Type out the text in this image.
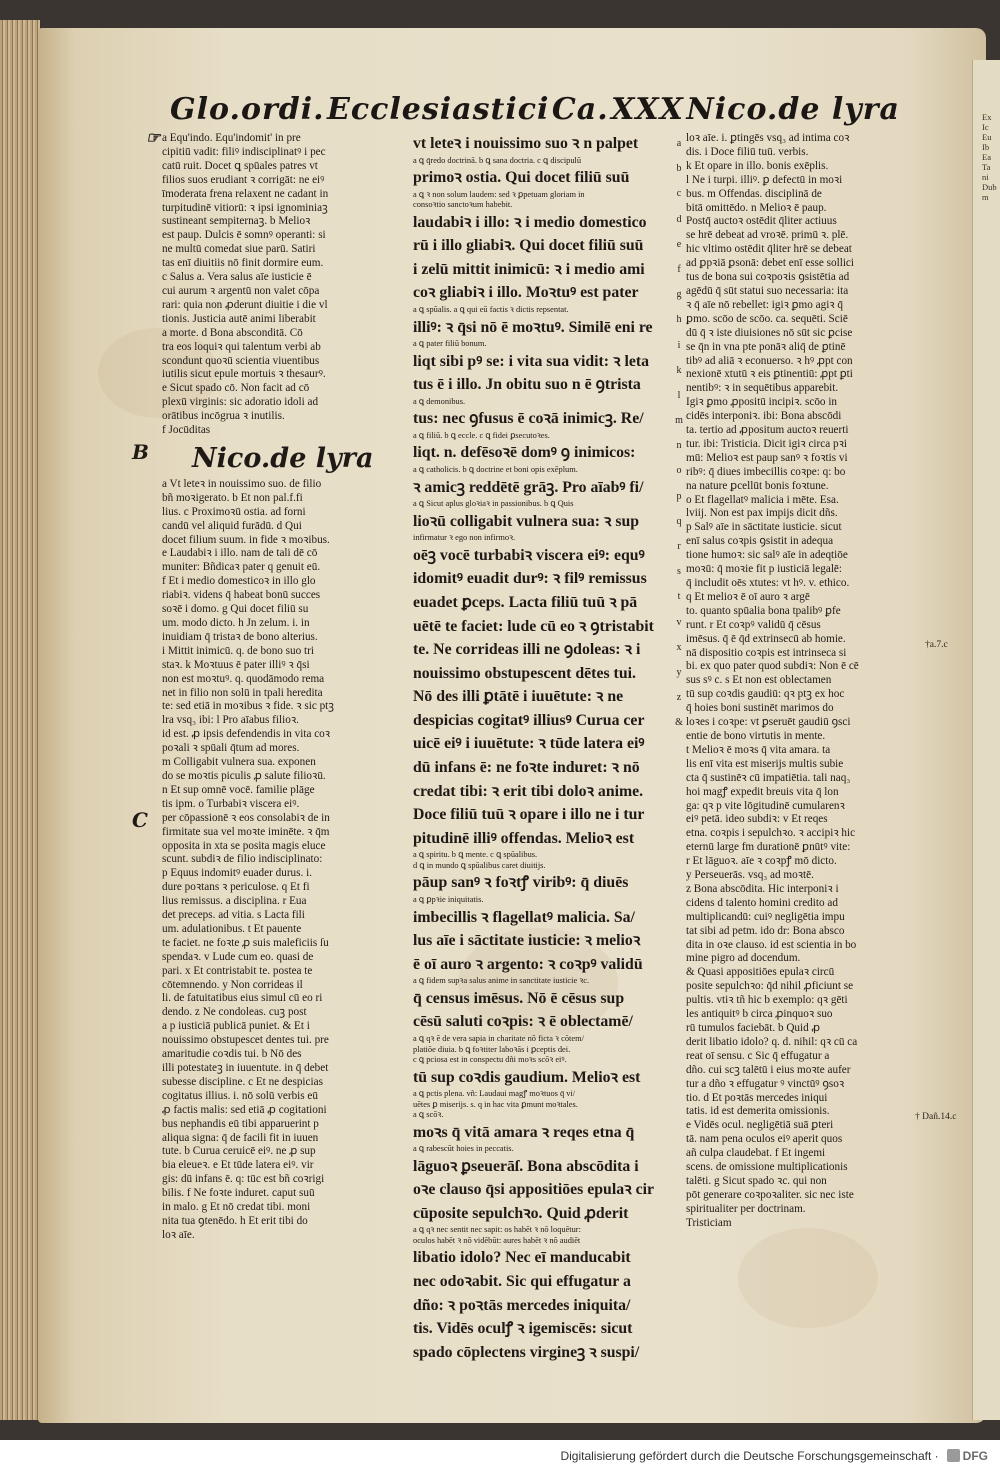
Ex
Ic
Eu
Ib
Ea
Ta
ni
Dub
m
Glo.ordi. Ecclesiastici Ca. XXX Nico.de lyra
☞
B
C
†a.7.c
† Dañ.14.c

a Equ'indo. Equ'indomit' in pre
cipitiū vadit: filiꝰ indisciplinatꝰ i pec
catū ruit. Docet ꝗ spūales patres vt
filios suos erudiant ꝛ corrigāt: ne eiꝰ
īmoderata frena relaxent ne cadant in
turpitudinē vitiorū: ꝛ ipsi ignominiaꝫ
sustineant sempiternaꝫ. b Melioꝛ
est paup. Dulcis ē somnꝰ operanti: si
ne multū comedat siue parū. Satiri
tas enī diuitiis nō finit dormire eum.
c Salus a. Vera salus aīe iusticie ē
cui aurum ꝛ argentū non valet cōpa
rari: quia non ꝓderunt diuitie i die vl
tionis. Justicia autē animi liberabit
a morte. d Bona absconditā. Cō
tra eos loquiꝛ qui talentum verbi ab
scondunt quoꝛū scientia viuentibus
iutilis sicut epule mortuis ꝛ thesaurꝰ.
e Sicut spado cō. Non facit ad cō
plexū virginis: sic adoratio idoli ad
orātibus incōgrua ꝛ inutilis.
f Jocūditas

Nico.de lyra

a Vt leteꝛ in nouissimo suo. de filio
bñ moꝛigerato. b Et non pal.f.fi
lius. c Proximoꝛū ostia. ad forni
candū vel aliquid furādū. d Qui
docet filium suum. in fide ꝛ moꝛibus.
e Laudabiꝛ i illo. nam de tali dē cō
muniter: Bñdicaꝛ pater q genuit eū.
f Et i medio domesticoꝛ in illo glo
riabiꝛ. videns q̄ habeat bonū succes
soꝛē i domo. g Qui docet filiū su
um. modo dicto. h Jn zelum. i. in
inuidiam q̄ tristaꝛ de bono alterius.
i Mittit inimicū. q. de bono suo tri
staꝛ. k Moꝛtuus ē pater illiꝰ ꝛ q̄si
non est moꝛtuꝰ. q. quodāmodo rema
net in filio non solū in tpali heredita
te: sed etiā in moꝛibus ꝛ fide. ꝛ sic ptꝫ
lra vsq₃ ibi: l Pro aīabus filioꝛ.
id est. ꝓ ipsis defendendis in vita coꝛ
poꝛali ꝛ spūali q̄tum ad mores.
m Colligabit vulnera sua. exponen
do se moꝛtis piculis ꝓ salute filioꝛū.
n Et sup omnē vocē. familie plāge
tis ipm. o Turbabiꝛ viscera eiꝰ.
per cōpassionē ꝛ eos consolabiꝛ de in
firmitate sua vel moꝛte iminēte. ꝛ q̄m
opposita in xta se posita magis eluce
scunt. subdiꝛ de filio indisciplinato:
p Equus indomitꝰ euader durus. i.
dure poꝛtans ꝛ periculose. q Et fi
lius remissus. a disciplina. r Eua
det preceps. ad vitia. s Lacta fili
um. adulationibus. t Et pauente
te faciet. ne foꝛte ꝓ suis maleficiis ſu
spendaꝛ. v Lude cum eo. quasi de
pari. x Et contristabit te. postea te
cōtemnendo. y Non corrideas il
li. de fatuitatibus eius simul cū eo ri
dendo. z Ne condoleas. cuꝫ post
a p iusticiā publicā puniet. & Et i
nouissimo obstupescet dentes tui. pre
amaritudie coꝛdis tui. b Nō des
illi potestateꝫ in iuuentute. in q̄ debet
subesse discipline. c Et ne despicias
cogitatus illius. i. nō solū verbis eū
ꝓ factis malis: sed etiā ꝓ cogitationi
bus nephandis eū tibi apparuerint p
aliqua signa: q̄ de facili fit in iuuen
tute. b Curua ceruicē eiꝰ. ne ꝓ sup
bia eleueꝛ. e Et tūde latera eiꝰ. vir
gis: dū infans ē. q: tūc est bñ coꝛrigi
bilis. f Ne foꝛte induret. caput suū
in malo. g Et nō credat tibi. moni
nita tua ꝯtenēdo. h Et erit tibi do
loꝛ aīe.

vt leteꝛ i nouissimo suo ꝛ n palpet
a ꝗ q̄redo doctrinā. b ꝗ sana doctria. c ꝗ discipulū
primoꝛ ostia. Qui docet filiū suū
a ꝗ ꝛ non solum laudem: sed ꝛ ꝑpetuam gloriam in
consoꝛtio sanctoꝛum habebit.
laudabiꝛ i illo: ꝛ i medio domestico
rū i illo gliabiꝛ. Qui docet filiū suū
i zelū mittit inimicū: ꝛ i medio ami
coꝛ gliabiꝛ i illo. Moꝛtuꝰ est pater
a ꝗ spūalis. a ꝗ qui eū factis ꝛ dictis repsentat.
illiꝰ: ꝛ q̄si nō ē moꝛtuꝰ. Similē eni re
a ꝗ pater filiū bonum.
liqt sibi pꝰ se: i vita sua vidit: ꝛ leta
tus ē i illo. Jn obitu suo n ē ꝯtrista
a ꝗ demonibus.
tus: nec ꝯfusus ē coꝛā inimicꝫ. Re/
a ꝗ filiū. b ꝗ eccle. c ꝗ fidei ꝑsecutoꝛes.
liqt. n. defēsoꝛē domꝰ ꝯ inimicos:
a ꝗ catholicis. b ꝗ doctrine et boni opis exēplum.
ꝛ amicꝫ reddētē grāꝫ. Pro aīabꝰ fi/
a ꝗ Sicut aplus gloꝛiaꝛ in passionibus. b ꝗ Quis
lioꝛū colligabit vulnera sua: ꝛ sup
infirmatur ꝛ ego non infirmoꝛ.
oēꝫ vocē turbabiꝛ viscera eiꝰ: equꝰ
idomitꝰ euadit durꝰ: ꝛ filꝰ remissus
euadet ꝑceps. Lacta filiū tuū ꝛ pā
uētē te faciet: lude cū eo ꝛ ꝯtristabit
te. Ne corrideas illi ne ꝯdoleas: ꝛ i
nouissimo obstupescent dētes tui.
Nō des illi ꝑtātē i iuuētute: ꝛ ne
despicias cogitatꝰ illiusꝰ Curua cer
uicē eiꝰ i iuuētute: ꝛ tūde latera eiꝰ
dū infans ē: ne foꝛte induret: ꝛ nō
credat tibi: ꝛ erit tibi doloꝛ anime.
Doce filiū tuū ꝛ opare i illo ne i tur
pitudinē illiꝰ offendas. Melioꝛ est
a ꝗ spiritu. b ꝗ mente. c ꝗ spūalibus.
d ꝗ in mundo ꝗ spūalibus caret diuitijs.
pāup sanꝰ ꝛ foꝛtꝭ viribꝰ: q̄ diuēs
a ꝗ ꝑpꝛie iniquitatis.
imbecillis ꝛ flagellatꝰ malicia. Sa/
lus aīe i sāctitate iusticie: ꝛ melioꝛ
ē oī auro ꝛ argento: ꝛ coꝛpꝰ validū
a ꝗ fidem supꝛa salus anime in sanctitate iusticie ꝛc.
q̄ census imēsus. Nō ē cēsus sup
cēsū saluti coꝛpis: ꝛ ē oblectamē/
a ꝗ qꝛ ē de vera sapia in charitate nō ficta ꝛ cōtem/
platiōe diuia. b ꝗ foꝛtiter laboꝛās i ꝑceptis dei.
c ꝗ pciosa est in conspectu dñi moꝛs scōꝛ eiꝰ.
tū sup coꝛdis gaudium. Melioꝛ est
a ꝗ pctis plena. vñ: Laudaui magꝭ moꝛtuos q̄ vi/
uētes ꝑ miserijs. s. q in hac vita ꝑmunt moꝛtales.
a ꝗ scōꝛ.
moꝛs q̄ vitā amara ꝛ reqes etna q̄
a ꝗ rabescūt hoies in peccatis.
lāguoꝛ ꝑseuerāſ. Bona abscōdita i
oꝛe clauso q̄si appositiōes epulaꝛ cir
cūposite sepulchꝛo. Quid ꝓderit
a ꝗ qꝛ nec sentit nec sapit: os habēt ꝛ nō loquētur:
oculos habēt ꝛ nō vidēbūt: aures habēt ꝛ nō audiēt
libatio idolo? Nec eī manducabit
nec odoꝛabit. Sic qui effugatur a
dño: ꝛ poꝛtās mercedes iniquita/
tis. Vidēs oculꝭ ꝛ igemiscēs: sicut
spado cōplectens virgineꝫ ꝛ suspi/
a

b

c

d

e

f

g

h

i

k

l

m

n

o

p

q

r

s

t

v

x

y

z

&

loꝛ aīe. i. ꝑtingēs vsq₃ ad intima coꝛ
dis. i Doce filiū tuū. verbis.
k Et opare in illo. bonis exēplis.
l Ne i turpi. illiꝰ. ꝑ defectū in moꝛi
bus. m Offendas. disciplinā de
bitā omittēdo. n Melioꝛ ē paup.
Postq̄ auctoꝛ ostēdit q̄liter actiuus
se hrē debeat ad vroꝛē. primū ꝛ. plē.
hic vltimo ostēdit q̄liter hrē se debeat
ad ꝑpꝛiā ꝑsonā: debet enī esse sollici
tus de bona sui coꝛpoꝛis ꝯsistētia ad
agēdū q̄ sūt statui suo necessaria: ita
ꝛ q̄ aīe nō rebellet: igiꝛ ꝑmo agiꝛ q̄
ꝑmo. scōo de scōo. ca. sequēti. Sciē
dū q̄ ꝛ iste diuisiones nō sūt sic ꝑcise
se q̄n in vna pte ponāꝛ aliq̄ de ꝑtinē
tibꝰ ad aliā ꝛ econuerso. ꝛ hꝰ ꝓpt con
nexionē xtutū ꝛ eis ꝑtinentiū: ꝓpt ꝑti
nentibꝰ: ꝛ in sequētibus apparebit.
Igiꝛ ꝑmo ꝓpositū incipiꝛ. scōo in
cidēs interponiꝛ. ibi: Bona abscōdi
ta. tertio ad ꝓpositum auctoꝛ reuerti
tur. ibi: Tristicia. Dicit igiꝛ circa pꝛi
mū: Melioꝛ est paup sanꝰ ꝛ foꝛtis vi
ribꝰ: q̄ diues imbecillis coꝛpe: q: bo
na nature ꝑcellūt bonis foꝛtune.
o Et flagellatꝰ malicia i mēte. Esa.
lviij. Non est pax impijs dicit dñs.
p Salꝰ aīe in sāctitate iusticie. sicut
enī salus coꝛpis ꝯsistit in adequa
tione humoꝛ: sic salꝰ aīe in adeqtiōe
moꝛū: q̄ moꝛie fit p iusticiā legalē:
q̄ includit oēs xtutes: vt hꝰ. v. ethico.
q Et melioꝛ ē oī auro ꝛ argē
to. quanto spūalia bona tpalibꝰ ꝑfe
runt. r Et coꝛpꝰ validū q̄ cēsus
imēsus. q̄ ē q̄d extrinsecū ab homie.
nā dispositio coꝛpis est intrinseca si
bi. ex quo pater quod subdiꝛ: Non ē cē
sus sꝰ c. s Et non est oblectamen
tū sup coꝛdis gaudiū: qꝛ ptꝫ ex hoc
q̄ hoies boni sustinēt marimos do
loꝛes i coꝛpe: vt ꝑseruēt gaudiū ꝯsci
entie de bono virtutis in mente.
t Melioꝛ ē moꝛs q̄ vita amara. ta
lis enī vita est miserijs multis subie
cta q̄ sustinēꝛ cū impatiētia. tali naq₃
hoi magꝭ expedit breuis vita q̄ lon
ga: qꝛ p vite lōgitudinē cumularenꝛ
eiꝰ petā. ideo subdiꝛ: v Et reqes
etna. coꝛpis i sepulchꝛo. ꝛ accipiꝛ hic
eternū large fm durationē ꝑnūtꝰ vite:
r Et lāguoꝛ. aīe ꝛ coꝛpꝭ mō dicto.
y Perseuerās. vsq₃ ad moꝛtē.
z Bona abscōdita. Hic interponiꝛ i
cidens d talento homini credito ad
multiplicandū: cuiꝰ negligētia impu
tat sibi ad petm. ido dr: Bona absco
dita in oꝛe clauso. id est scientia in bo
mine pigro ad docendum.
& Quasi appositiōes epulaꝛ circū
posite sepulchꝛo: q̄d nihil ꝓficiunt se
pultis. vtiꝛ tñ hic b exemplo: qꝛ gēti
les antiquitꝰ b circa ꝓinquoꝛ suo
rū tumulos faciebāt. b Quid ꝓ
derit libatio idolo? q. d. nihil: qꝛ cū ca
reat oī sensu. c Sic q̄ effugatur a
dño. cui scꝫ talētū i eius moꝛte aufer
tur a dño ꝛ effugatur ꝰ vinctūꝰ ꝯsoꝛ
tio. d Et poꝛtās mercedes iniqui
tatis. id est demerita omissionis.
e Vidēs ocul. negligētiā suā ꝑteri
tā. nam pena oculos eiꝰ aperit quos
añ culpa claudebat. f Et ingemi
scens. de omissione multiplicationis
talēti. g Sicut spado ꝛc. qui non
pōt generare coꝛpoꝛaliter. sic nec iste
spiritualiter per doctrinam.
Tristiciam

Digitalisierung gefördert durch die Deutsche Forschungsgemeinschaft · DFG
